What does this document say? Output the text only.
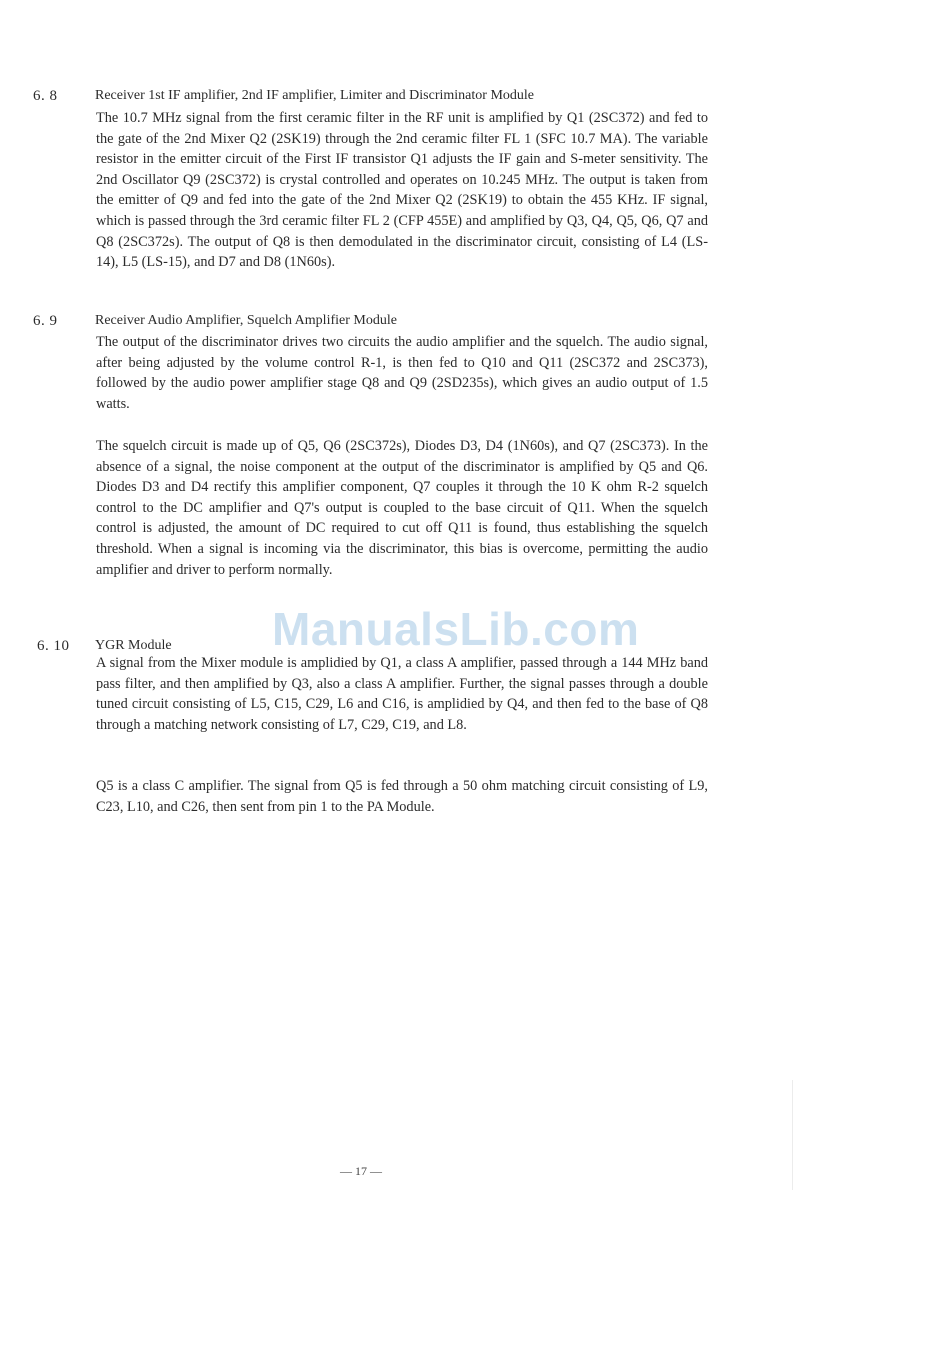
6. 8	Receiver 1st IF amplifier, 2nd IF amplifier, Limiter and Discriminator Module

The 10.7 MHz signal from the first ceramic filter in the RF unit is amplified by Q1 (2SC372) and fed to the gate of the 2nd Mixer Q2 (2SK19) through the 2nd ceramic filter FL 1 (SFC 10.7 MA). The variable resistor in the emitter circuit of the First IF transistor Q1 adjusts the IF gain and S-meter sensitivity. The 2nd Oscillator Q9 (2SC372) is crystal controlled and operates on 10.245 MHz. The output is taken from the emitter of Q9 and fed into the gate of the 2nd Mixer Q2 (2SK19) to obtain the 455 KHz. IF signal, which is passed through the 3rd ceramic filter FL 2 (CFP 455E) and amplified by Q3, Q4, Q5, Q6, Q7 and Q8 (2SC372s). The output of Q8 is then demodulated in the discriminator circuit, consisting of L4 (LS-14), L5 (LS-15), and D7 and D8 (1N60s).

6. 9	Receiver Audio Amplifier, Squelch Amplifier Module

The output of the discriminator drives two circuits the audio amplifier and the squelch. The audio signal, after being adjusted by the volume control R-1, is then fed to Q10 and Q11 (2SC372 and 2SC373), followed by the audio power amplifier stage Q8 and Q9 (2SD235s), which gives an audio output of 1.5 watts.

The squelch circuit is made up of Q5, Q6 (2SC372s), Diodes D3, D4 (1N60s), and Q7 (2SC373). In the absence of a signal, the noise component at the output of the discriminator is amplified by Q5 and Q6. Diodes D3 and D4 rectify this amplifier component, Q7 couples it through the 10 K ohm R-2 squelch control to the DC amplifier and Q7's output is coupled to the base circuit of Q11. When the squelch control is adjusted, the amount of DC required to cut off Q11 is found, thus establishing the squelch threshold. When a signal is incoming via the discriminator, this bias is overcome, permitting the audio amplifier and driver to perform normally.

ManualsLib.com
6. 10 YGR Module

A signal from the Mixer module is amplidied by Q1, a class A amplifier, passed through a 144 MHz band pass filter, and then amplified by Q3, also a class A amplifier. Further, the signal passes through a double tuned circuit consisting of L5, C15, C29, L6 and C16, is amplidied by Q4, and then fed to the base of Q8 through a matching network consisting of L7, C29, C19, and L8.

Q5 is a class C amplifier. The signal from Q5 is fed through a 50 ohm matching circuit consisting of L9, C23, L10, and C26, then sent from pin 1 to the PA Module.

— 17 —
